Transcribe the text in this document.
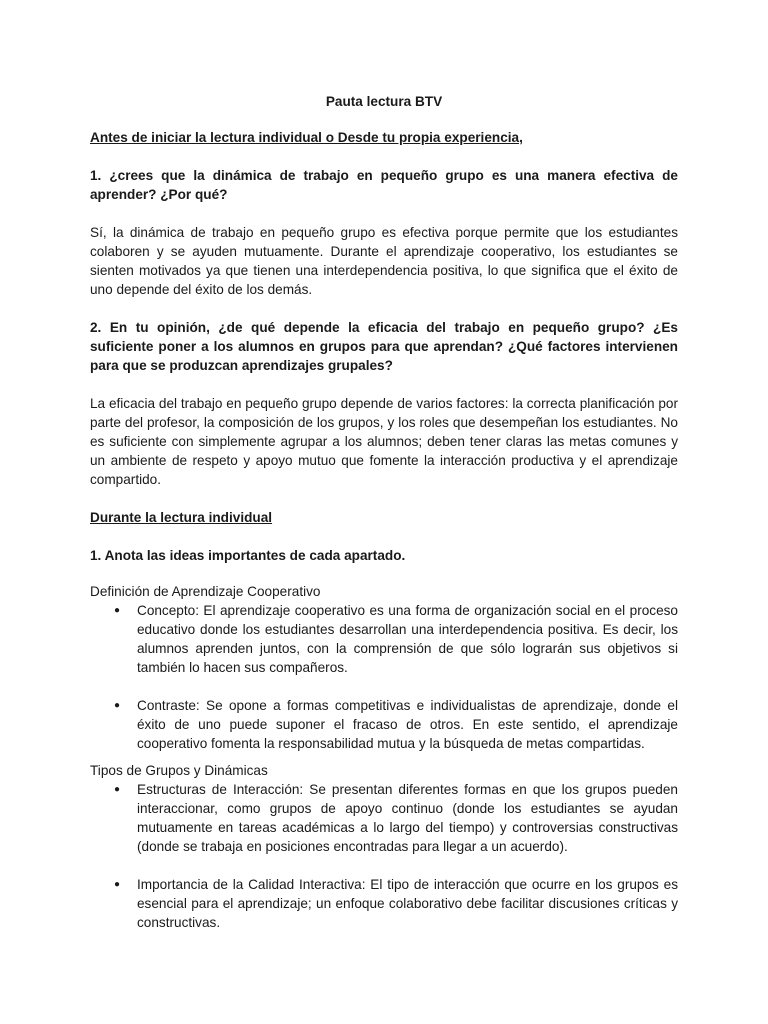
Pauta lectura BTV

Antes de iniciar la lectura individual o Desde tu propia experiencia,

1. ¿crees que la dinámica de trabajo en pequeño grupo es una manera efectiva de aprender? ¿Por qué?

Sí, la dinámica de trabajo en pequeño grupo es efectiva porque permite que los estudiantes colaboren y se ayuden mutuamente. Durante el aprendizaje cooperativo, los estudiantes se sienten motivados ya que tienen una interdependencia positiva, lo que significa que el éxito de uno depende del éxito de los demás.

2. En tu opinión, ¿de qué depende la eficacia del trabajo en pequeño grupo? ¿Es suficiente poner a los alumnos en grupos para que aprendan? ¿Qué factores intervienen para que se produzcan aprendizajes grupales?

La eficacia del trabajo en pequeño grupo depende de varios factores: la correcta planificación por parte del profesor, la composición de los grupos, y los roles que desempeñan los estudiantes. No es suficiente con simplemente agrupar a los alumnos; deben tener claras las metas comunes y un ambiente de respeto y apoyo mutuo que fomente la interacción productiva y el aprendizaje compartido.

Durante la lectura individual

1. Anota las ideas importantes de cada apartado.

Definición de Aprendizaje Cooperativo

● Concepto: El aprendizaje cooperativo es una forma de organización social en el proceso educativo donde los estudiantes desarrollan una interdependencia positiva. Es decir, los alumnos aprenden juntos, con la comprensión de que sólo lograrán sus objetivos si también lo hacen sus compañeros.
● Contraste: Se opone a formas competitivas e individualistas de aprendizaje, donde el éxito de uno puede suponer el fracaso de otros. En este sentido, el aprendizaje cooperativo fomenta la responsabilidad mutua y la búsqueda de metas compartidas.

Tipos de Grupos y Dinámicas

● Estructuras de Interacción: Se presentan diferentes formas en que los grupos pueden interaccionar, como grupos de apoyo continuo (donde los estudiantes se ayudan mutuamente en tareas académicas a lo largo del tiempo) y controversias constructivas (donde se trabaja en posiciones encontradas para llegar a un acuerdo).
● Importancia de la Calidad Interactiva: El tipo de interacción que ocurre en los grupos es esencial para el aprendizaje; un enfoque colaborativo debe facilitar discusiones críticas y constructivas.
